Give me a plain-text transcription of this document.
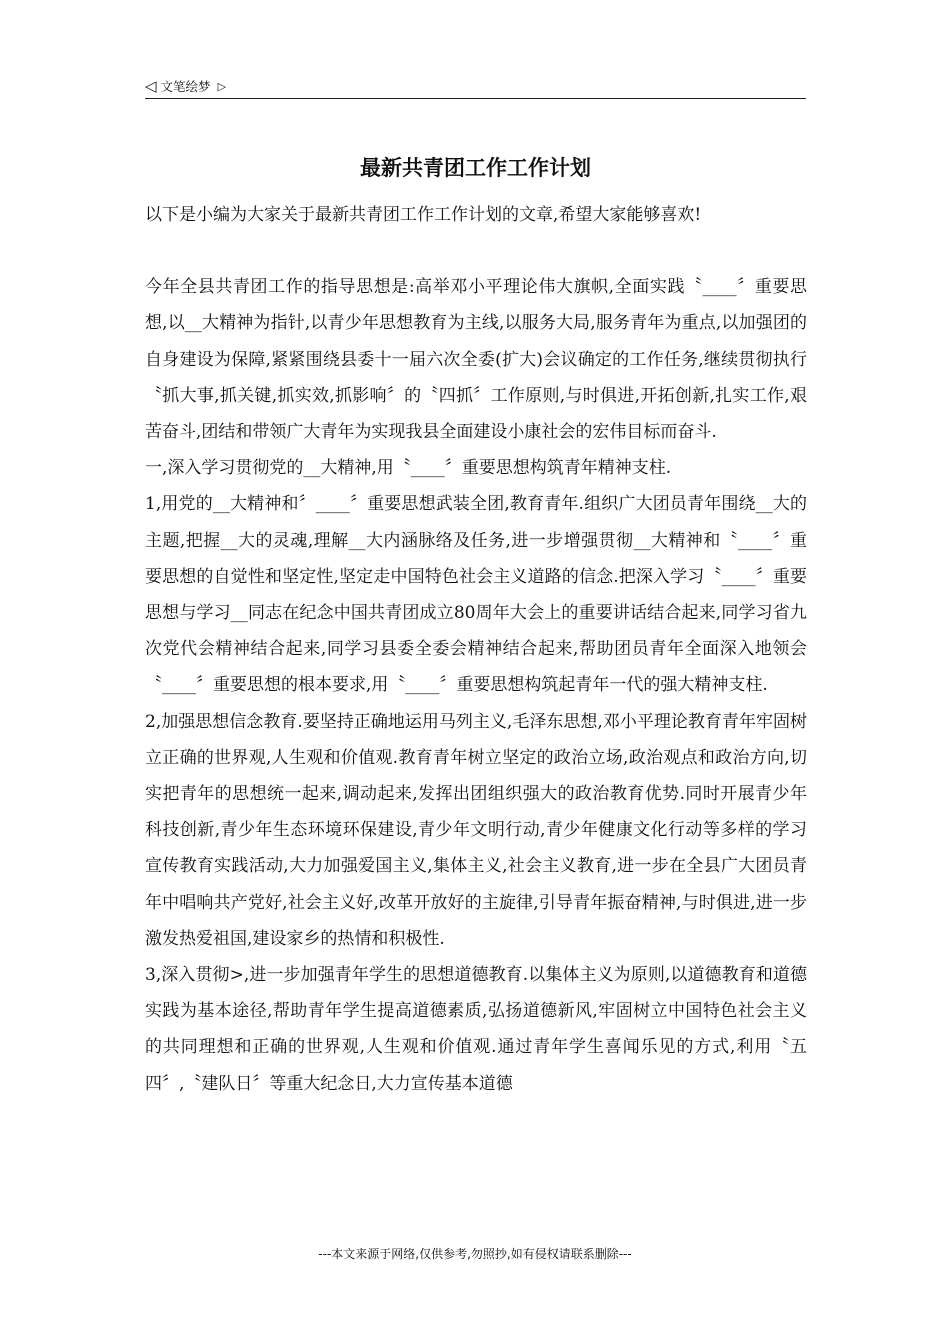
◁ 文笔绘梦 ▷
最新共青团工作工作计划

以下是小编为大家关于最新共青团工作工作计划的文章,希望大家能够喜欢!

今年全县共青团工作的指导思想是:高举邓小平理论伟大旗帜,全面实践〝____〞重要思想,以__大精神为指针,以青少年思想教育为主线,以服务大局,服务青年为重点,以加强团的自身建设为保障,紧紧围绕县委十一届六次全委(扩大)会议确定的工作任务,继续贯彻执行〝抓大事,抓关键,抓实效,抓影响〞的〝四抓〞工作原则,与时俱进,开拓创新,扎实工作,艰苦奋斗,团结和带领广大青年为实现我县全面建设小康社会的宏伟目标而奋斗.

一,深入学习贯彻党的__大精神,用〝____〞重要思想构筑青年精神支柱.

1,用党的__大精神和〞____〞重要思想武装全团,教育青年.组织广大团员青年围绕__大的主题,把握__大的灵魂,理解__大内涵脉络及任务,进一步增强贯彻__大精神和〝____〞重要思想的自觉性和坚定性,坚定走中国特色社会主义道路的信念.把深入学习〝____〞重要思想与学习__同志在纪念中国共青团成立80周年大会上的重要讲话结合起来,同学习省九次党代会精神结合起来,同学习县委全委会精神结合起来,帮助团员青年全面深入地领会〝____〞重要思想的根本要求,用〝____〞重要思想构筑起青年一代的强大精神支柱.

2,加强思想信念教育.要坚持正确地运用马列主义,毛泽东思想,邓小平理论教育青年牢固树立正确的世界观,人生观和价值观.教育青年树立坚定的政治立场,政治观点和政治方向,切实把青年的思想统一起来,调动起来,发挥出团组织强大的政治教育优势.同时开展青少年科技创新,青少年生态环境环保建设,青少年文明行动,青少年健康文化行动等多样的学习宣传教育实践活动,大力加强爱国主义,集体主义,社会主义教育,进一步在全县广大团员青年中唱响共产党好,社会主义好,改革开放好的主旋律,引导青年振奋精神,与时俱进,进一步激发热爱祖国,建设家乡的热情和积极性.

3,深入贯彻>,进一步加强青年学生的思想道德教育.以集体主义为原则,以道德教育和道德实践为基本途径,帮助青年学生提高道德素质,弘扬道德新风,牢固树立中国特色社会主义的共同理想和正确的世界观,人生观和价值观.通过青年学生喜闻乐见的方式,利用〝五四〞,〝建队日〞等重大纪念日,大力宣传基本道德

---本文来源于网络,仅供参考,勿照抄,如有侵权请联系删除---
